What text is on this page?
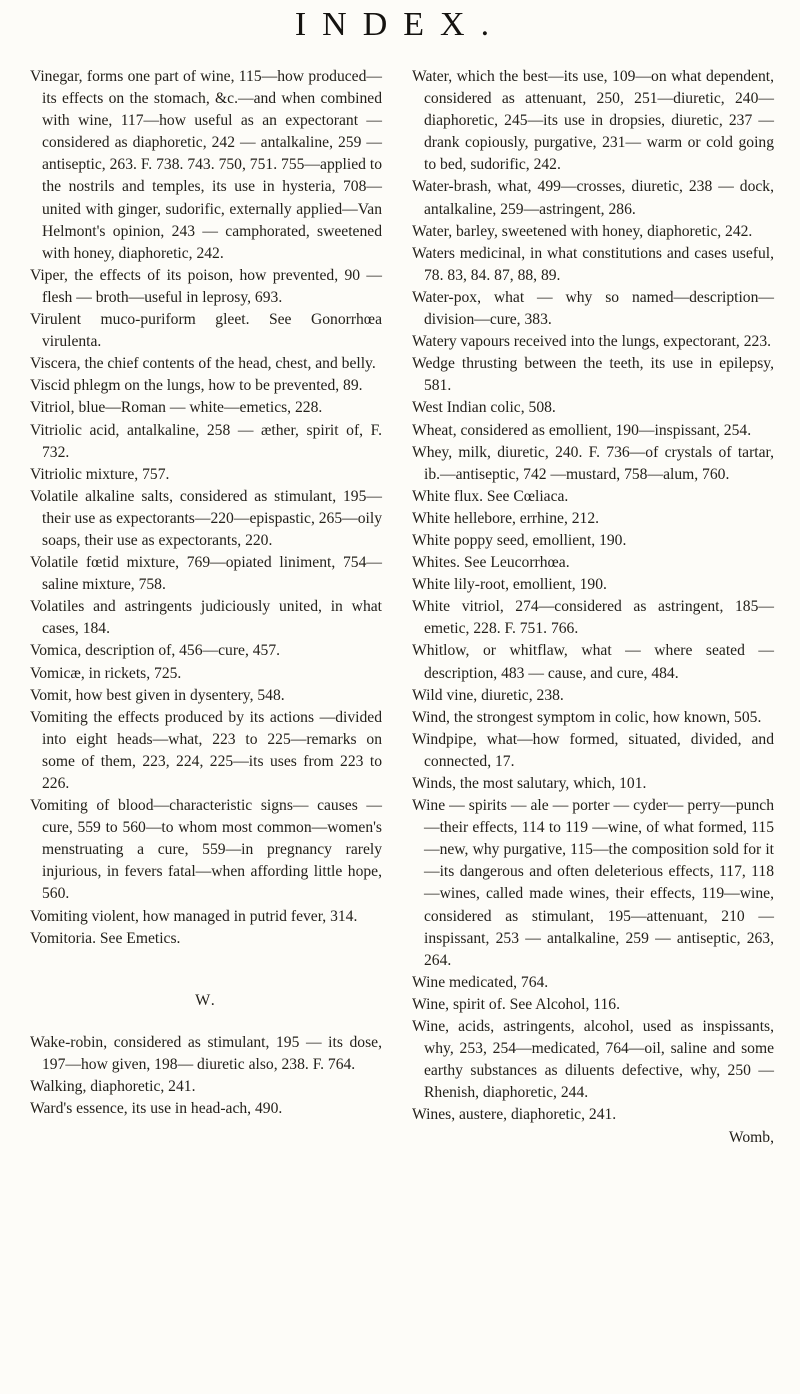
INDEX.

Vinegar, forms one part of wine, 115—how produced—its effects on the stomach, &c.—and when combined with wine, 117—how useful as an expectorant — considered as diaphoretic, 242 — antalkaline, 259 — antiseptic, 263. F. 738. 743. 750, 751. 755—applied to the nostrils and temples, its use in hysteria, 708—united with ginger, sudorific, externally applied—Van Helmont's opinion, 243 — camphorated, sweetened with honey, diaphoretic, 242.

Viper, the effects of its poison, how prevented, 90 — flesh — broth—useful in leprosy, 693.

Virulent muco-puriform gleet. See Gonorrhœa virulenta.

Viscera, the chief contents of the head, chest, and belly.

Viscid phlegm on the lungs, how to be prevented, 89.

Vitriol, blue—Roman — white—emetics, 228.

Vitriolic acid, antalkaline, 258 — æther, spirit of, F. 732.

Vitriolic mixture, 757.

Volatile alkaline salts, considered as stimulant, 195—their use as expectorants—220—epispastic, 265—oily soaps, their use as expectorants, 220.

Volatile fœtid mixture, 769—opiated liniment, 754—saline mixture, 758.

Volatiles and astringents judiciously united, in what cases, 184.

Vomica, description of, 456—cure, 457.

Vomicæ, in rickets, 725.

Vomit, how best given in dysentery, 548.

Vomiting the effects produced by its actions —divided into eight heads—what, 223 to 225—remarks on some of them, 223, 224, 225—its uses from 223 to 226.

Vomiting of blood—characteristic signs— causes — cure, 559 to 560—to whom most common—women's menstruating a cure, 559—in pregnancy rarely injurious, in fevers fatal—when affording little hope, 560.

Vomiting violent, how managed in putrid fever, 314.

Vomitoria. See Emetics.

W.

Wake-robin, considered as stimulant, 195 — its dose, 197—how given, 198— diuretic also, 238. F. 764.

Walking, diaphoretic, 241.

Ward's essence, its use in head-ach, 490.

Water, which the best—its use, 109—on what dependent, considered as attenuant, 250, 251—diuretic, 240—diaphoretic, 245—its use in dropsies, diuretic, 237 —drank copiously, purgative, 231— warm or cold going to bed, sudorific, 242.

Water-brash, what, 499—crosses, diuretic, 238 — dock, antalkaline, 259—astringent, 286.

Water, barley, sweetened with honey, diaphoretic, 242.

Waters medicinal, in what constitutions and cases useful, 78. 83, 84. 87, 88, 89.

Water-pox, what — why so named—description—division—cure, 383.

Watery vapours received into the lungs, expectorant, 223.

Wedge thrusting between the teeth, its use in epilepsy, 581.

West Indian colic, 508.

Wheat, considered as emollient, 190—inspissant, 254.

Whey, milk, diuretic, 240. F. 736—of crystals of tartar, ib.—antiseptic, 742 —mustard, 758—alum, 760.

White flux. See Cœliaca.

White hellebore, errhine, 212.

White poppy seed, emollient, 190.

Whites. See Leucorrhœa.

White lily-root, emollient, 190.

White vitriol, 274—considered as astringent, 185—emetic, 228. F. 751. 766.

Whitlow, or whitflaw, what — where seated — description, 483 — cause, and cure, 484.

Wild vine, diuretic, 238.

Wind, the strongest symptom in colic, how known, 505.

Windpipe, what—how formed, situated, divided, and connected, 17.

Winds, the most salutary, which, 101.

Wine — spirits — ale — porter — cyder— perry—punch—their effects, 114 to 119 —wine, of what formed, 115 —new, why purgative, 115—the composition sold for it—its dangerous and often deleterious effects, 117, 118—wines, called made wines, their effects, 119—wine, considered as stimulant, 195—attenuant, 210 —inspissant, 253 — antalkaline, 259 — antiseptic, 263, 264.

Wine medicated, 764.

Wine, spirit of. See Alcohol, 116.

Wine, acids, astringents, alcohol, used as inspissants, why, 253, 254—medicated, 764—oil, saline and some earthy substances as diluents defective, why, 250 —Rhenish, diaphoretic, 244.

Wines, austere, diaphoretic, 241.

Womb,
